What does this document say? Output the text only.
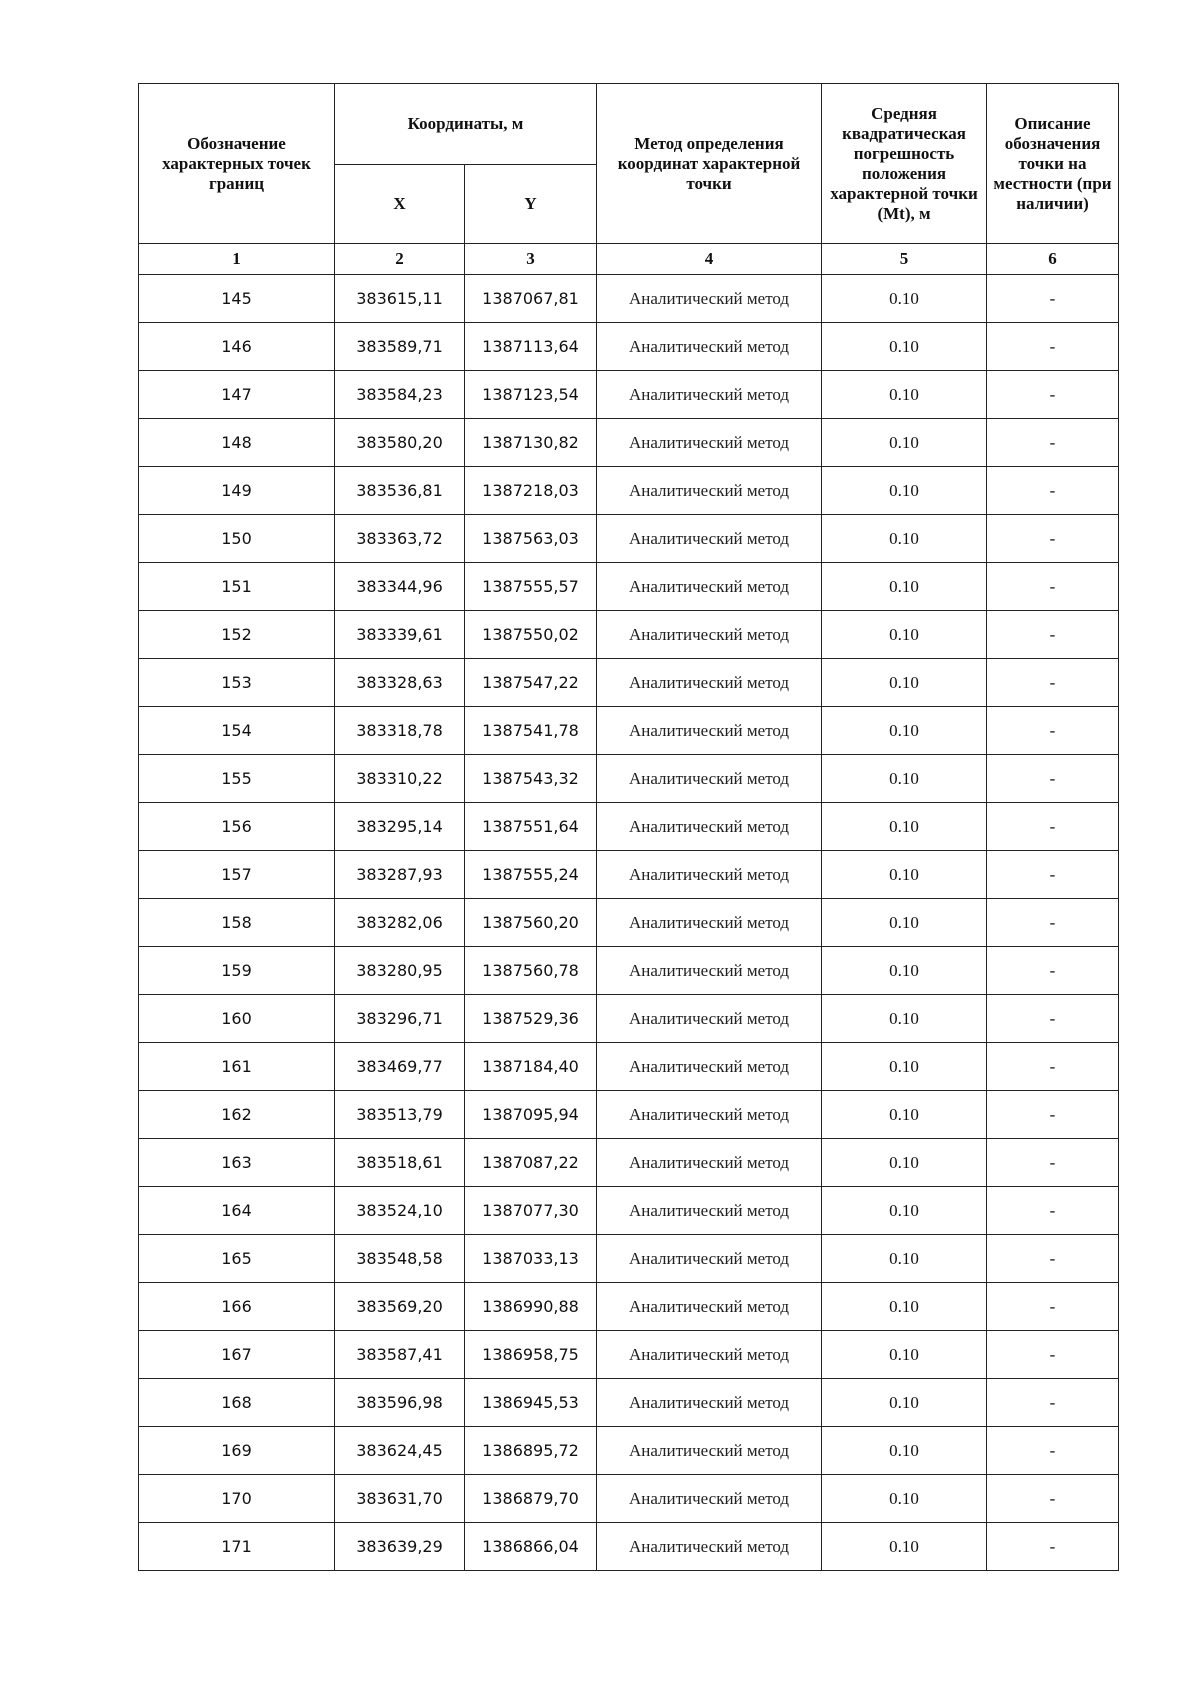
Обозначение характерных точек границ	Координаты, м		Метод определения координат характерной точки	Средняя квадратическая погрешность положения характерной точки (Mt), м	Описание обозначения точки на местности (при наличии)
	X	Y			
1	2	3	4	5	6
145	383615,11	1387067,81	Аналитический метод	0.10	-
146	383589,71	1387113,64	Аналитический метод	0.10	-
147	383584,23	1387123,54	Аналитический метод	0.10	-
148	383580,20	1387130,82	Аналитический метод	0.10	-
149	383536,81	1387218,03	Аналитический метод	0.10	-
150	383363,72	1387563,03	Аналитический метод	0.10	-
151	383344,96	1387555,57	Аналитический метод	0.10	-
152	383339,61	1387550,02	Аналитический метод	0.10	-
153	383328,63	1387547,22	Аналитический метод	0.10	-
154	383318,78	1387541,78	Аналитический метод	0.10	-
155	383310,22	1387543,32	Аналитический метод	0.10	-
156	383295,14	1387551,64	Аналитический метод	0.10	-
157	383287,93	1387555,24	Аналитический метод	0.10	-
158	383282,06	1387560,20	Аналитический метод	0.10	-
159	383280,95	1387560,78	Аналитический метод	0.10	-
160	383296,71	1387529,36	Аналитический метод	0.10	-
161	383469,77	1387184,40	Аналитический метод	0.10	-
162	383513,79	1387095,94	Аналитический метод	0.10	-
163	383518,61	1387087,22	Аналитический метод	0.10	-
164	383524,10	1387077,30	Аналитический метод	0.10	-
165	383548,58	1387033,13	Аналитический метод	0.10	-
166	383569,20	1386990,88	Аналитический метод	0.10	-
167	383587,41	1386958,75	Аналитический метод	0.10	-
168	383596,98	1386945,53	Аналитический метод	0.10	-
169	383624,45	1386895,72	Аналитический метод	0.10	-
170	383631,70	1386879,70	Аналитический метод	0.10	-
171	383639,29	1386866,04	Аналитический метод	0.10	-
